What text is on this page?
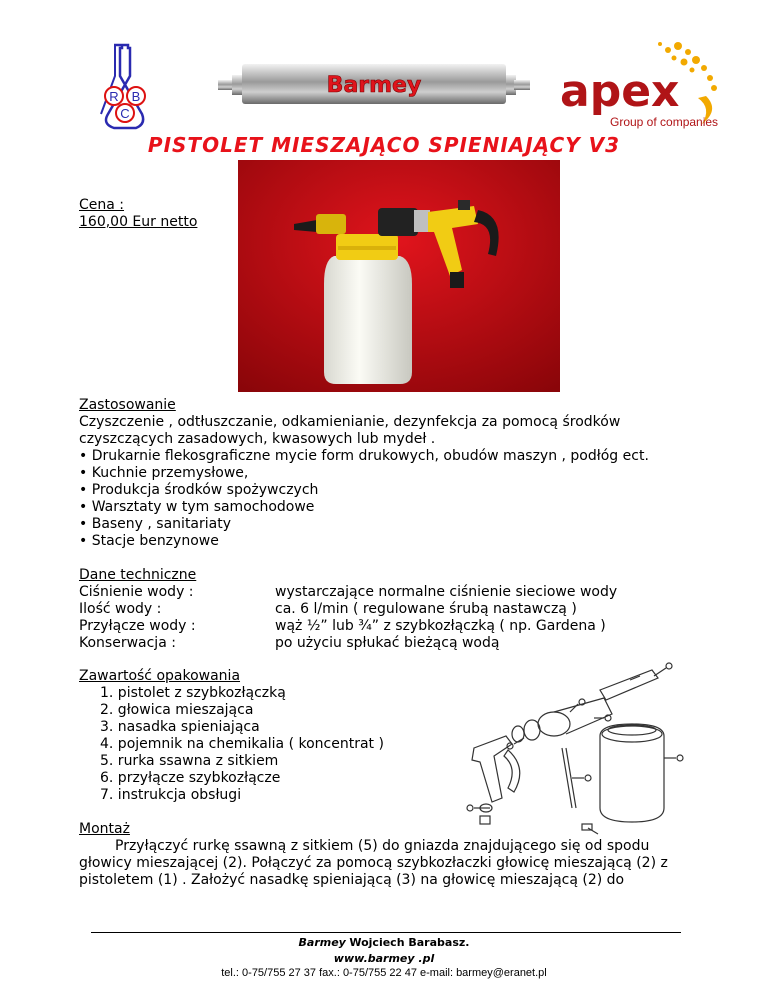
R B
C
Barmey	apex
Group of companies
PISTOLET MIESZAJĄCO SPIENIAJĄCY V3
Cena :
160,00 Eur netto
Zastosowanie
Czyszczenie , odtłuszczanie, odkamienianie, dezynfekcja za pomocą środków
czyszczących zasadowych, kwasowych lub mydeł .
• Drukarnie flekosgraficzne mycie form drukowych, obudów maszyn , podłóg ect.
• Kuchnie przemysłowe,
• Produkcja środków spożywczych
• Warsztaty w tym samochodowe
• Baseny , sanitariaty
• Stacje benzynowe
Dane techniczne
Ciśnienie wody :	wystarczające normalne ciśnienie sieciowe wody
Ilość wody :	ca. 6 l/min ( regulowane śrubą nastawczą )
Przyłącze wody :	wąż ½” lub ¾” z szybkozłączką ( np. Gardena )
Konserwacja :	po użyciu spłukać bieżącą wodą
Zawartość opakowania
1. pistolet z szybkozłączką
2. głowica mieszająca
3. nasadka spieniająca
4. pojemnik na chemikalia ( koncentrat )
5. rurka ssawna z sitkiem
6. przyłącze szybkozłącze
7. instrukcja obsługi
Montaż
Przyłączyć rurkę ssawną z sitkiem (5) do gniazda znajdującego się od spodu
głowicy mieszającej (2). Połączyć za pomocą szybkozłaczki głowicę mieszającą (2) z
pistoletem (1) . Założyć nasadkę spieniającą (3) na głowicę mieszającą (2) do
Barmey Wojciech Barabasz.
www.barmey .pl
tel.: 0-75/755 27 37 fax.: 0-75/755 22 47 e-mail: barmey@eranet.pl
